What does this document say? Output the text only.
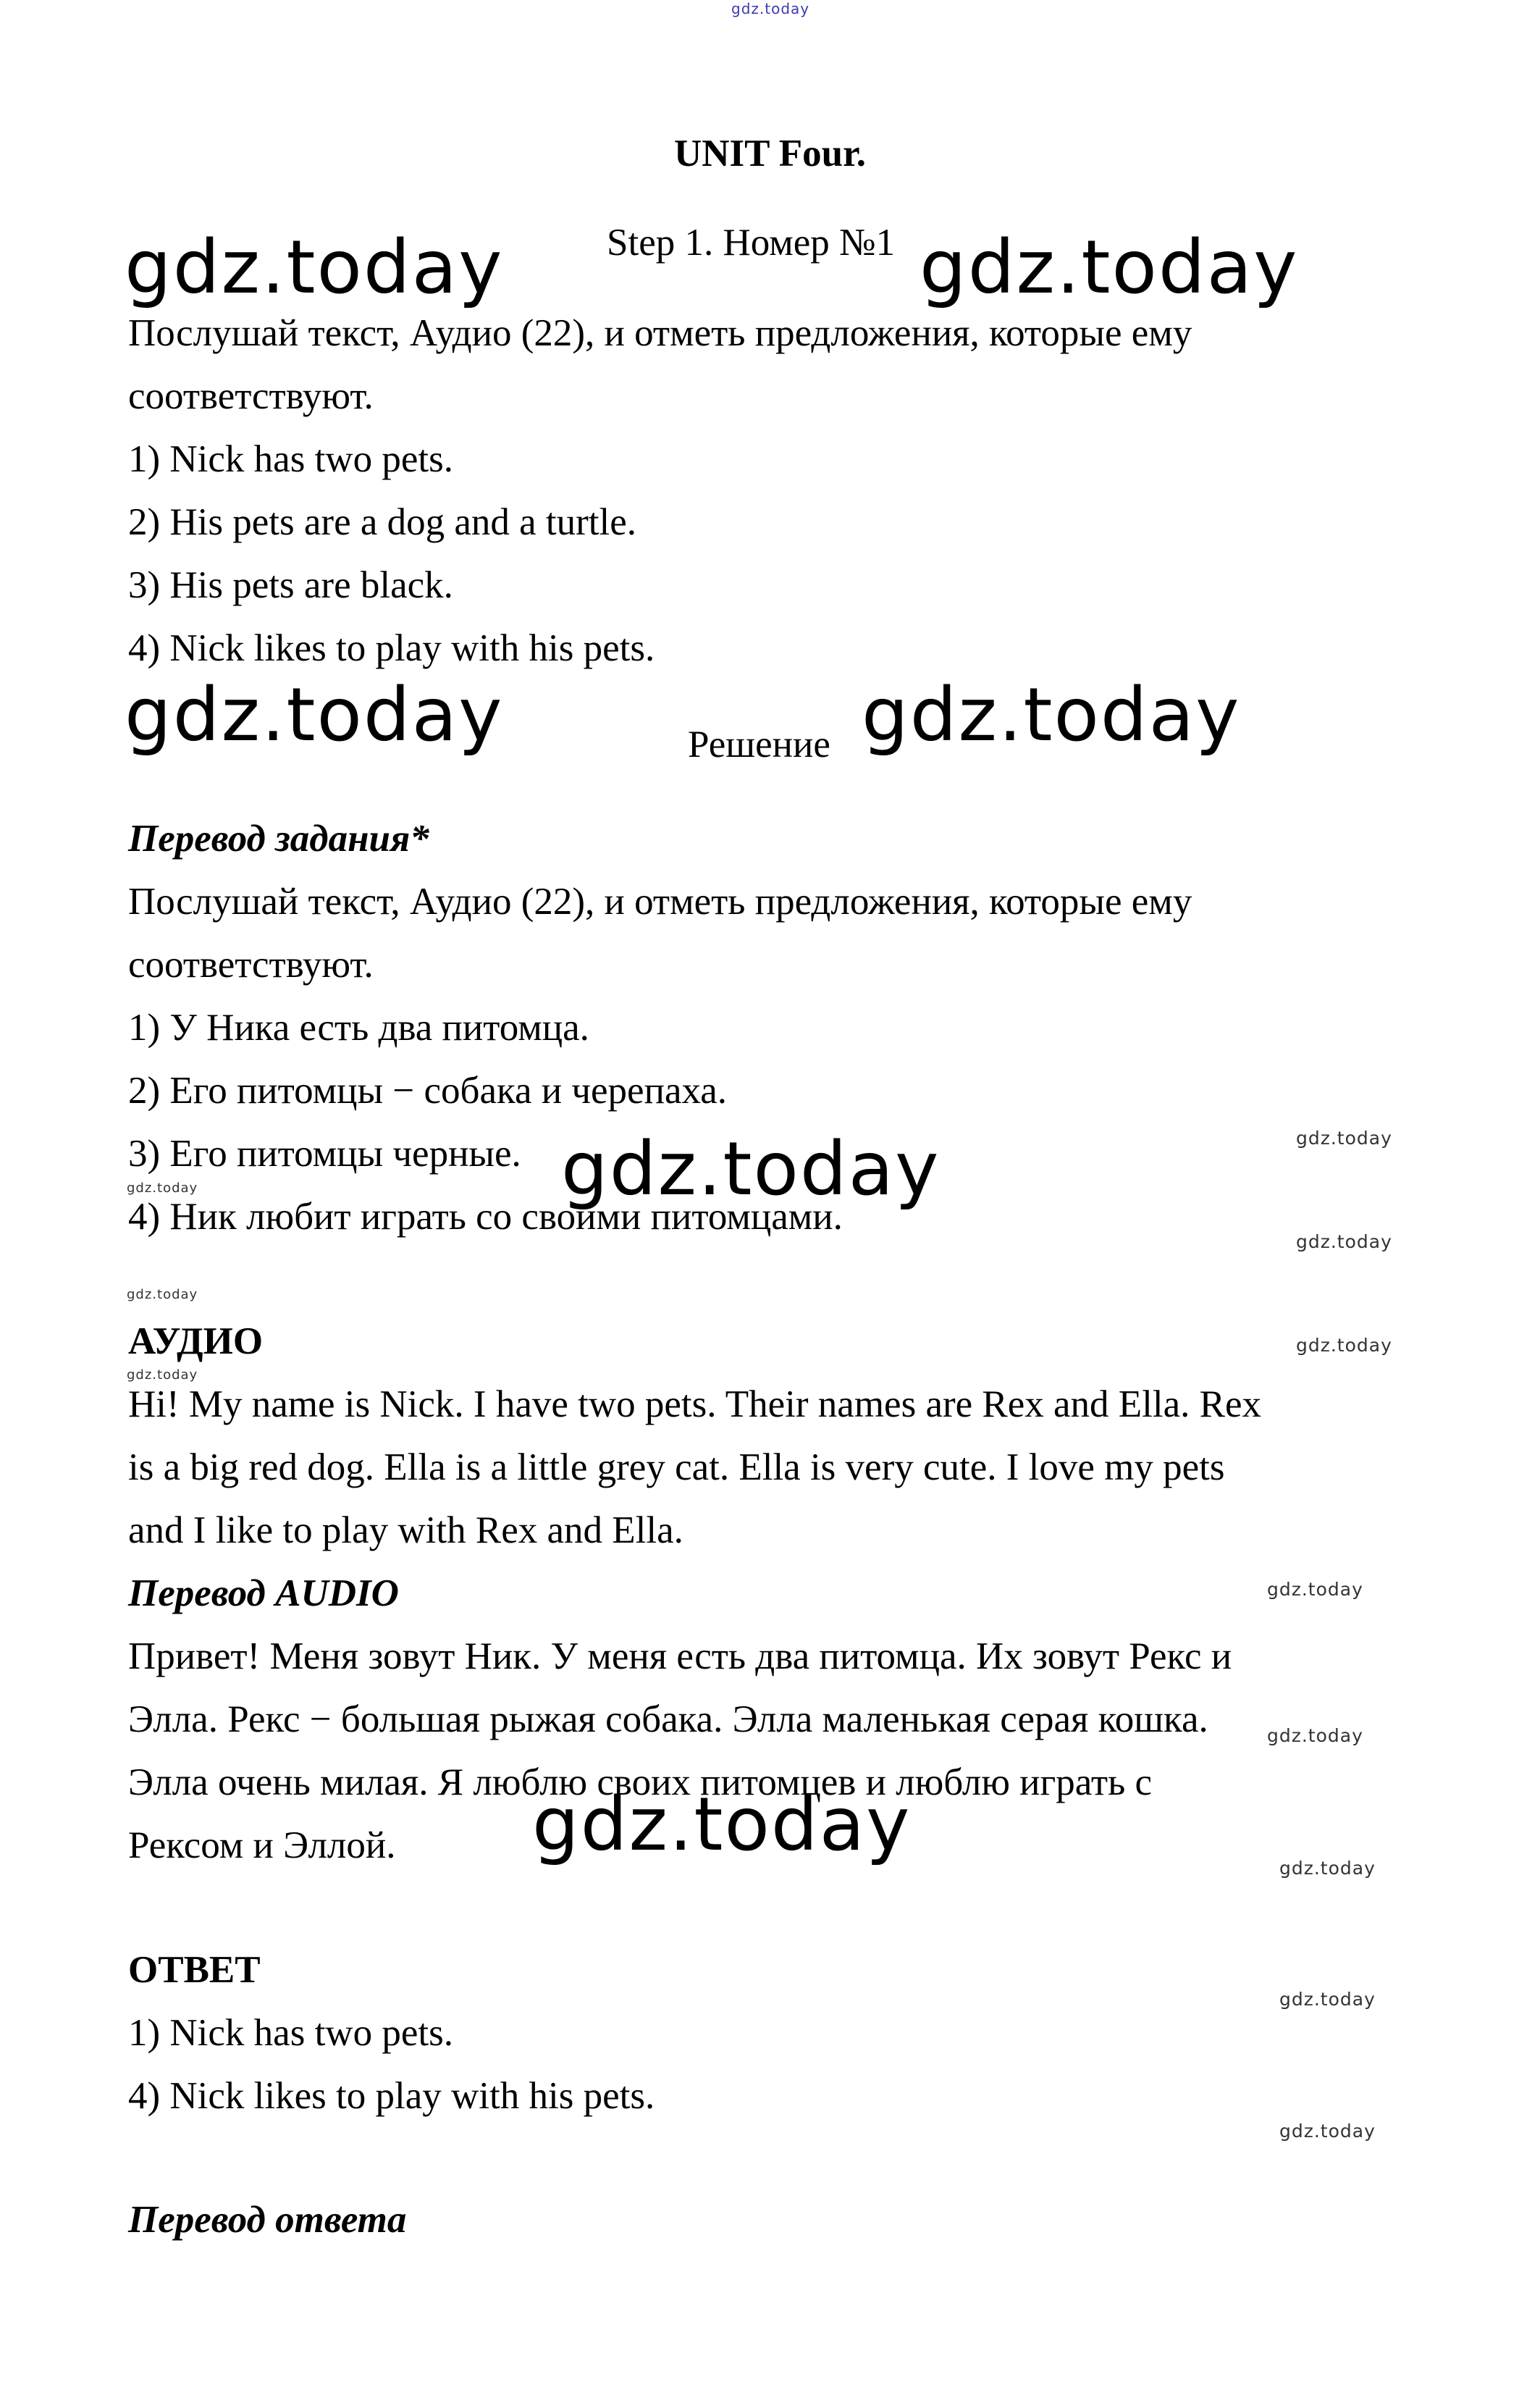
gdz.today
gdz.today	gdz.today
gdz.today	gdz.today
gdz.today
gdz.today
gdz.today
gdz.today
gdz.today
gdz.today
gdz.today
gdz.today
gdz.today
gdz.today
gdz.today
gdz.today
gdz.today
UNIT Four.
Step 1. Номер №1
Послушай текст, Аудио (22), и отметь предложения, которые ему
соответствуют.
1) Nick has two pets.
2) His pets are a dog and a turtle.
3) His pets are black.
4) Nick likes to play with his pets.
Решение
Перевод задания*
Послушай текст, Аудио (22), и отметь предложения, которые ему
соответствуют.
1) У Ника есть два питомца.
2) Его питомцы − собака и черепаха.
3) Его питомцы черные.
4) Ник любит играть со своими питомцами.
АУДИО
Hi! My name is Nick. I have two pets. Their names are Rex and Ella. Rex
is a big red dog. Ella is a little grey cat. Ella is very cute. I love my pets
and I like to play with Rex and Ella.
Перевод AUDIO
Привет! Меня зовут Ник. У меня есть два питомца. Их зовут Рекс и
Элла. Рекс − большая рыжая собака. Элла маленькая серая кошка.
Элла очень милая. Я люблю своих питомцев и люблю играть с
Рексом и Эллой.
ОТВЕТ
1) Nick has two pets.
4) Nick likes to play with his pets.
Перевод ответа
